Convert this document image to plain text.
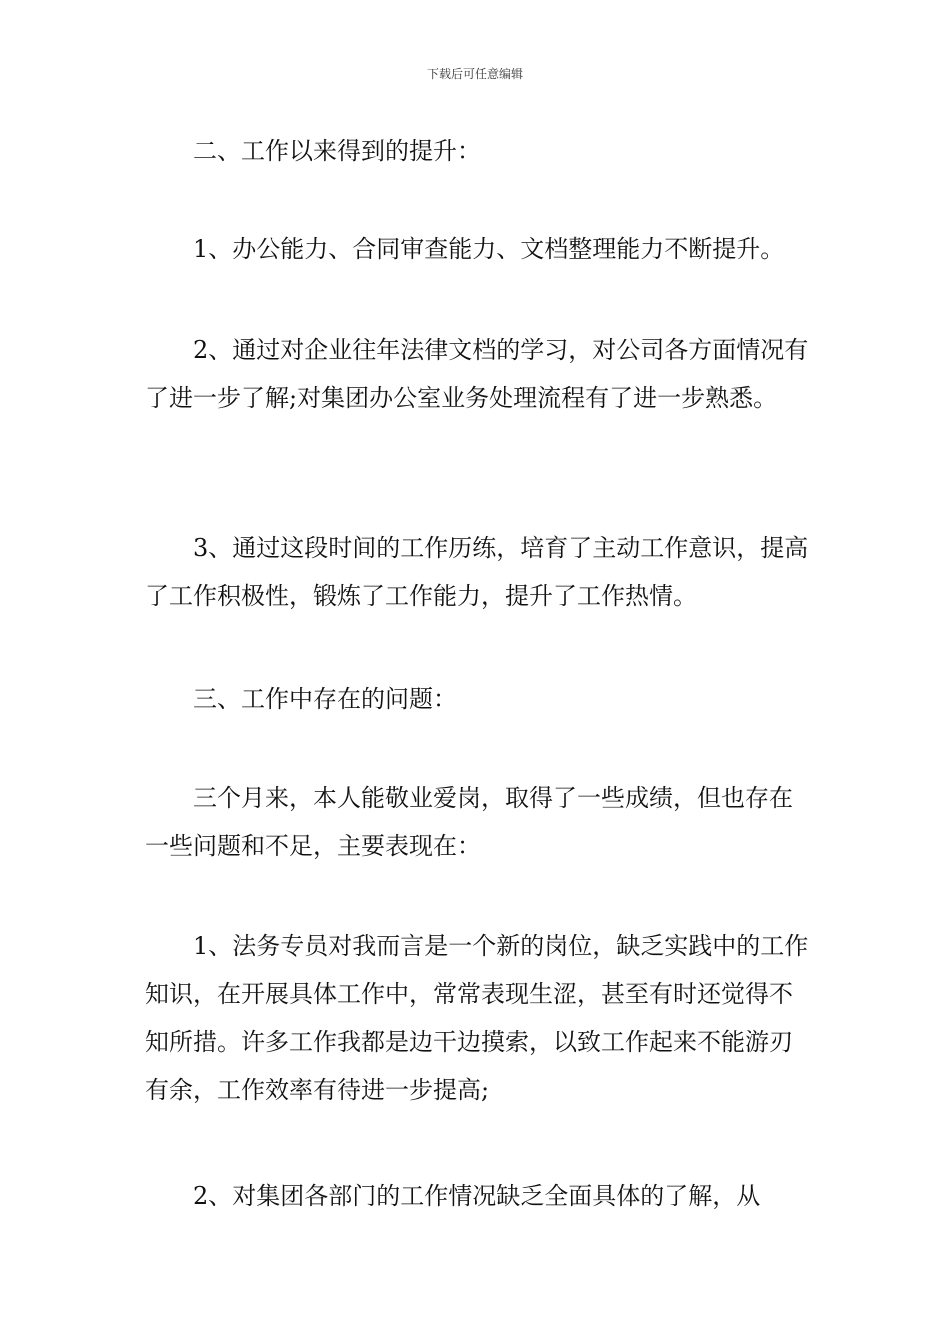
下载后可任意编辑
二、工作以来得到的提升：
1、办公能力、合同审查能力、文档整理能力不断提升。
2、通过对企业往年法律文档的学习，对公司各方面情况有了进一步了解;对集团办公室业务处理流程有了进一步熟悉。
3、通过这段时间的工作历练，培育了主动工作意识，提高了工作积极性，锻炼了工作能力，提升了工作热情。
三、工作中存在的问题：
三个月来，本人能敬业爱岗，取得了一些成绩，但也存在一些问题和不足，主要表现在：
1、法务专员对我而言是一个新的岗位，缺乏实践中的工作知识，在开展具体工作中，常常表现生涩，甚至有时还觉得不知所措。许多工作我都是边干边摸索，以致工作起来不能游刃有余，工作效率有待进一步提高;
2、对集团各部门的工作情况缺乏全面具体的了解，从
